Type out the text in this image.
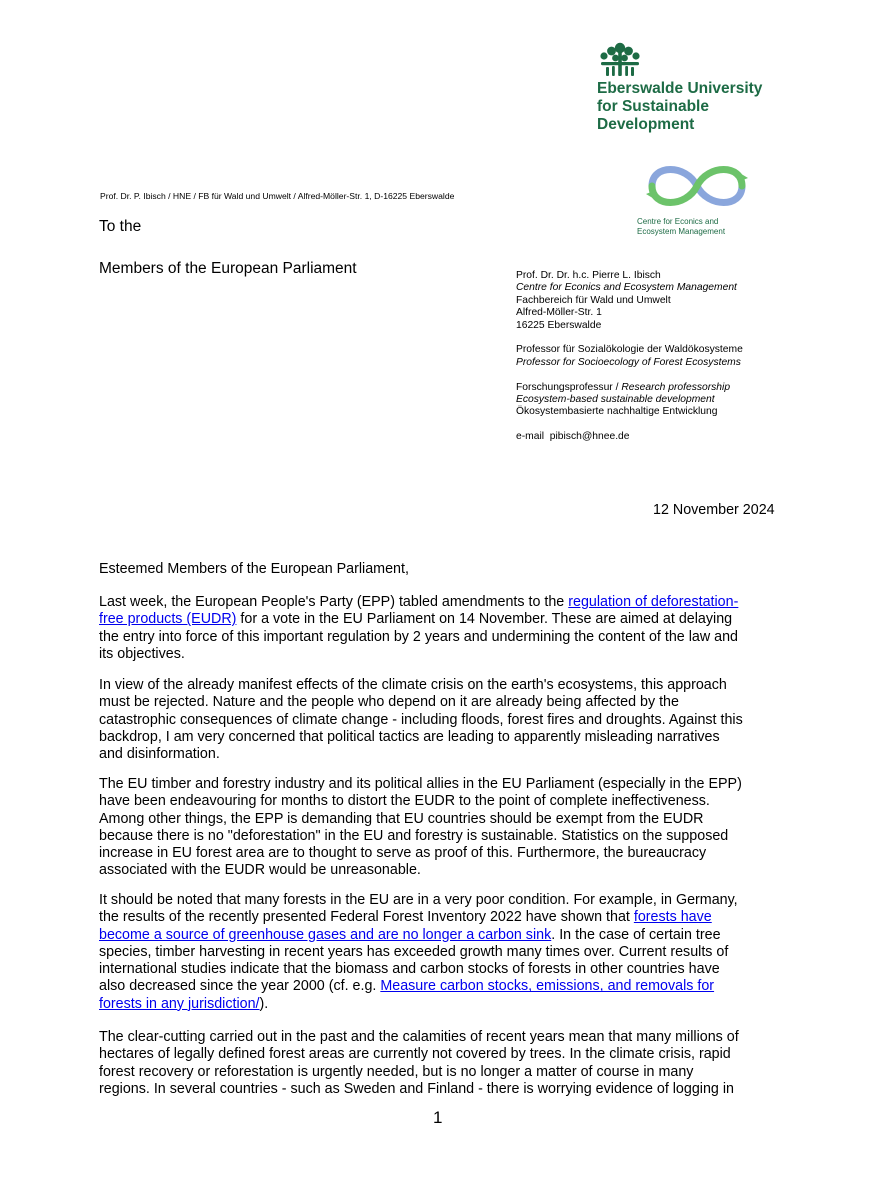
Eberswalde University
for Sustainable
Development
Centre for Econics and
Ecosystem Management
Prof. Dr. P. Ibisch / HNE / FB für Wald und Umwelt / Alfred-Möller-Str. 1, D-16225 Eberswalde
To the
Members of the European Parliament	Prof. Dr. Dr. h.c. Pierre L. Ibisch
Centre for Econics and Ecosystem Management
Fachbereich für Wald und Umwelt
Alfred-Möller-Str. 1
16225 Eberswalde
Professor für Sozialökologie der Waldökosysteme
Professor for Socioecology of Forest Ecosystems
Forschungsprofessur / Research professorship
Ecosystem-based sustainable development
Ökosystembasierte nachhaltige Entwicklung
e-mail pibisch@hnee.de
12 November 2024
Esteemed Members of the European Parliament,
Last week, the European People's Party (EPP) tabled amendments to the regulation of deforestation-
free products (EUDR) for a vote in the EU Parliament on 14 November. These are aimed at delaying
the entry into force of this important regulation by 2 years and undermining the content of the law and
its objectives.
In view of the already manifest effects of the climate crisis on the earth's ecosystems, this approach
must be rejected. Nature and the people who depend on it are already being affected by the
catastrophic consequences of climate change - including floods, forest fires and droughts. Against this
backdrop, I am very concerned that political tactics are leading to apparently misleading narratives
and disinformation.
The EU timber and forestry industry and its political allies in the EU Parliament (especially in the EPP)
have been endeavouring for months to distort the EUDR to the point of complete ineffectiveness.
Among other things, the EPP is demanding that EU countries should be exempt from the EUDR
because there is no "deforestation" in the EU and forestry is sustainable. Statistics on the supposed
increase in EU forest area are to thought to serve as proof of this. Furthermore, the bureaucracy
associated with the EUDR would be unreasonable.
It should be noted that many forests in the EU are in a very poor condition. For example, in Germany,
the results of the recently presented Federal Forest Inventory 2022 have shown that forests have
become a source of greenhouse gases and are no longer a carbon sink. In the case of certain tree
species, timber harvesting in recent years has exceeded growth many times over. Current results of
international studies indicate that the biomass and carbon stocks of forests in other countries have
also decreased since the year 2000 (cf. e.g. Measure carbon stocks, emissions, and removals for
forests in any jurisdiction/).
The clear-cutting carried out in the past and the calamities of recent years mean that many millions of
hectares of legally defined forest areas are currently not covered by trees. In the climate crisis, rapid
forest recovery or reforestation is urgently needed, but is no longer a matter of course in many
regions. In several countries - such as Sweden and Finland - there is worrying evidence of logging in
1
